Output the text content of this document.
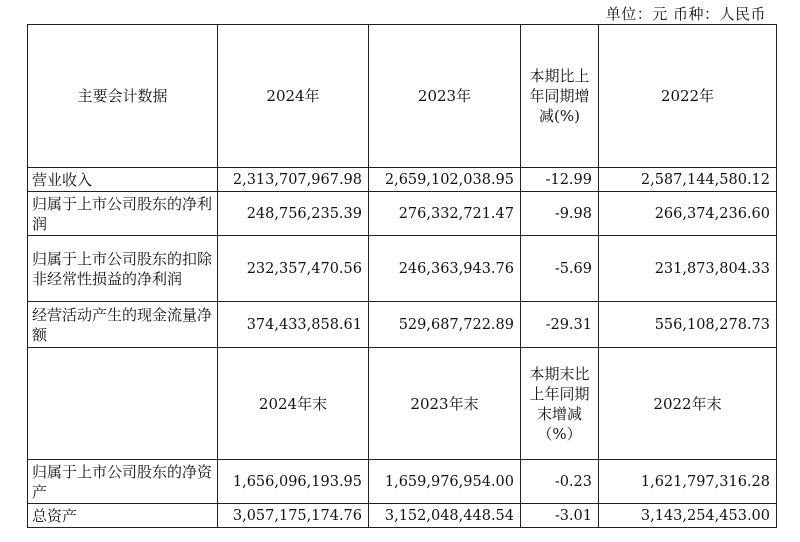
单位：元 币种：人民币
主要会计数据	2024年	2023年	本期比上年同期增减(%)	2022年
营业收入	2,313,707,967.98	2,659,102,038.95	-12.99	2,587,144,580.12
归属于上市公司股东的净利润	248,756,235.39	276,332,721.47	-9.98	266,374,236.60
归属于上市公司股东的扣除非经常性损益的净利润	232,357,470.56	246,363,943.76	-5.69	231,873,804.33
经营活动产生的现金流量净额	374,433,858.61	529,687,722.89	-29.31	556,108,278.73
	2024年末	2023年末	本期末比上年同期末增减（%）	2022年末
归属于上市公司股东的净资产	1,656,096,193.95	1,659,976,954.00	-0.23	1,621,797,316.28
总资产	3,057,175,174.76	3,152,048,448.54	-3.01	3,143,254,453.00
